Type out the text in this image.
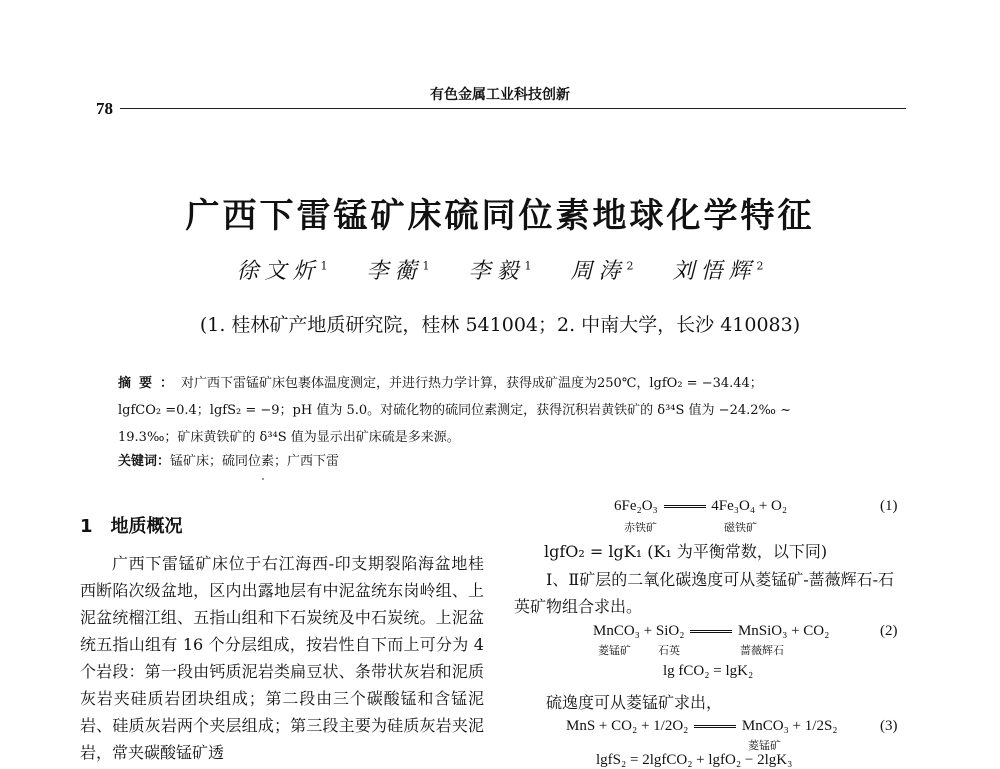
有色金属工业科技创新
78
广西下雷锰矿床硫同位素地球化学特征
徐文炘$^1$ 李蘅$^1$ 李毅$^1$ 周涛$^2$ 刘悟辉$^2$
(1. 桂林矿产地质研究院，桂林 541004；2. 中南大学，长沙 410083)
摘要：对广西下雷锰矿床包裹体温度测定，并进行热力学计算，获得成矿温度为250℃，lgfO₂ = −34.44；
lgfCO₂ =0.4；lgfS₂ = −9；pH 值为 5.0。对硫化物的硫同位素测定，获得沉积岩黄铁矿的 δ³⁴S 值为 −24.2‰ ~
19.3‰；矿床黄铁矿的 δ³⁴S 值为显示出矿床硫是多来源。
关键词：锰矿床；硫同位素；广西下雷
1 地质概况

广西下雷锰矿床位于右江海西-印支期裂陷海盆地桂西断陷次级盆地，区内出露地层有中泥盆统东岗岭组、上泥盆统榴江组、五指山组和下石炭统及中石炭统。上泥盆统五指山组有 16 个分层组成，按岩性自下而上可分为 4 个岩段：第一段由钙质泥岩类扁豆状、条带状灰岩和泥质灰岩夹硅质岩团块组成；第二段由三个碳酸锰和含锰泥岩、硅质灰岩两个夹层组成；第三段主要为硅质灰岩夹泥岩，常夹碳酸锰矿透

6Fe₂O₃	4Fe₃O₄ + O₂
赤铁矿	磁铁矿
(1)
lgfO₂ = lgK₁ (K₁ 为平衡常数，以下同)
Ⅰ、Ⅱ矿层的二氧化碳逸度可从菱锰矿-蔷薇辉石-石英矿物组合求出。
MnCO₃ + SiO₂	MnSiO₃ + CO₂
菱锰矿 石英	蔷薇辉石
(2)
lg fCO₂ = lgK₂
硫逸度可从菱锰矿求出，
MnS + CO₂ + 1/2O₂	MnCO₃ + 1/2S₂
菱锰矿
(3)
lgfS₂ = 2lgfCO₂ + lgfO₂ − 2lgK₃
